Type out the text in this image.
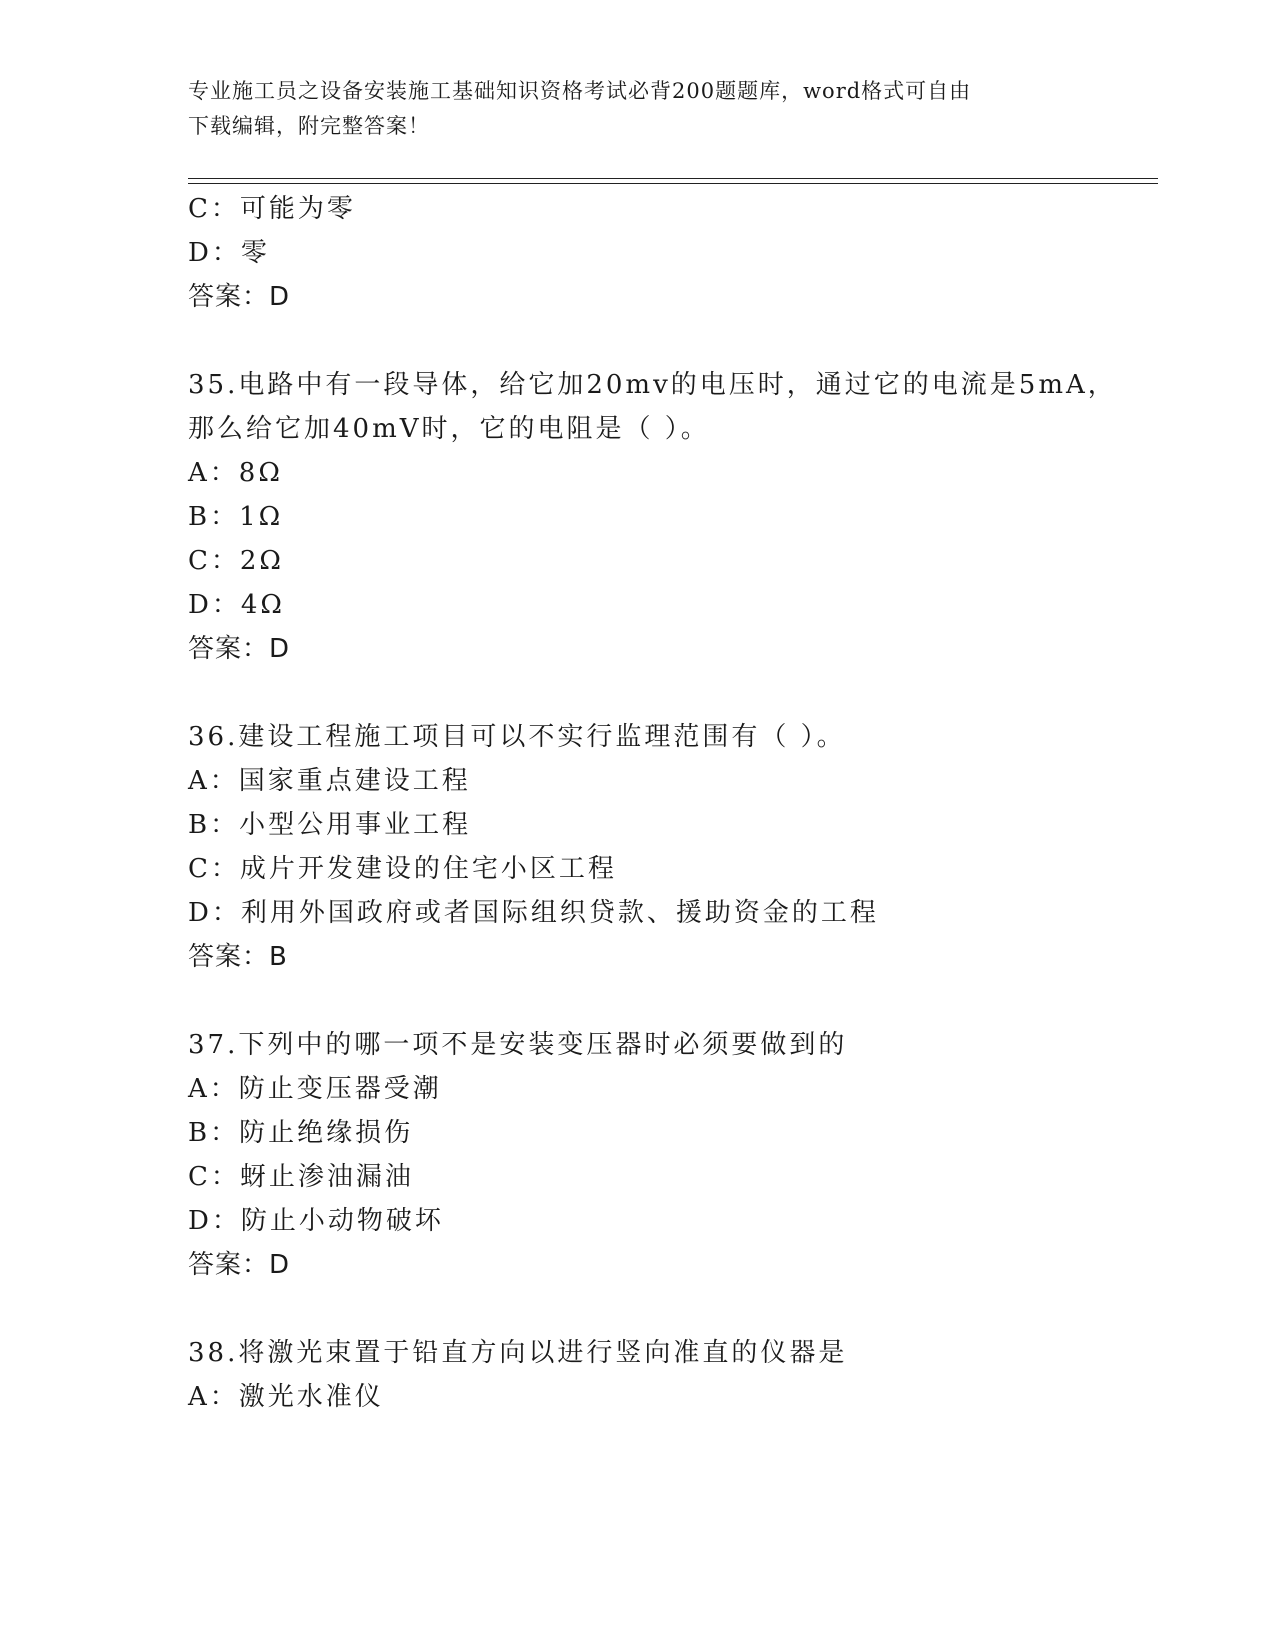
专业施工员之设备安装施工基础知识资格考试必背200题题库，word格式可自由
下载编辑，附完整答案！
C：可能为零
D：零
答案：D
35.电路中有一段导体，给它加20mv的电压时，通过它的电流是5mA，
那么给它加40mV时，它的电阻是（ ）。
A：8Ω
B：1Ω
C：2Ω
D：4Ω
答案：D
36.建设工程施工项目可以不实行监理范围有（ ）。
A：国家重点建设工程
B：小型公用事业工程
C：成片开发建设的住宅小区工程
D：利用外国政府或者国际组织贷款、援助资金的工程
答案：B
37.下列中的哪一项不是安装变压器时必须要做到的
A：防止变压器受潮
B：防止绝缘损伤
C：蚜止渗油漏油
D：防止小动物破坏
答案：D
38.将激光束置于铅直方向以进行竖向准直的仪器是
A：激光水准仪
